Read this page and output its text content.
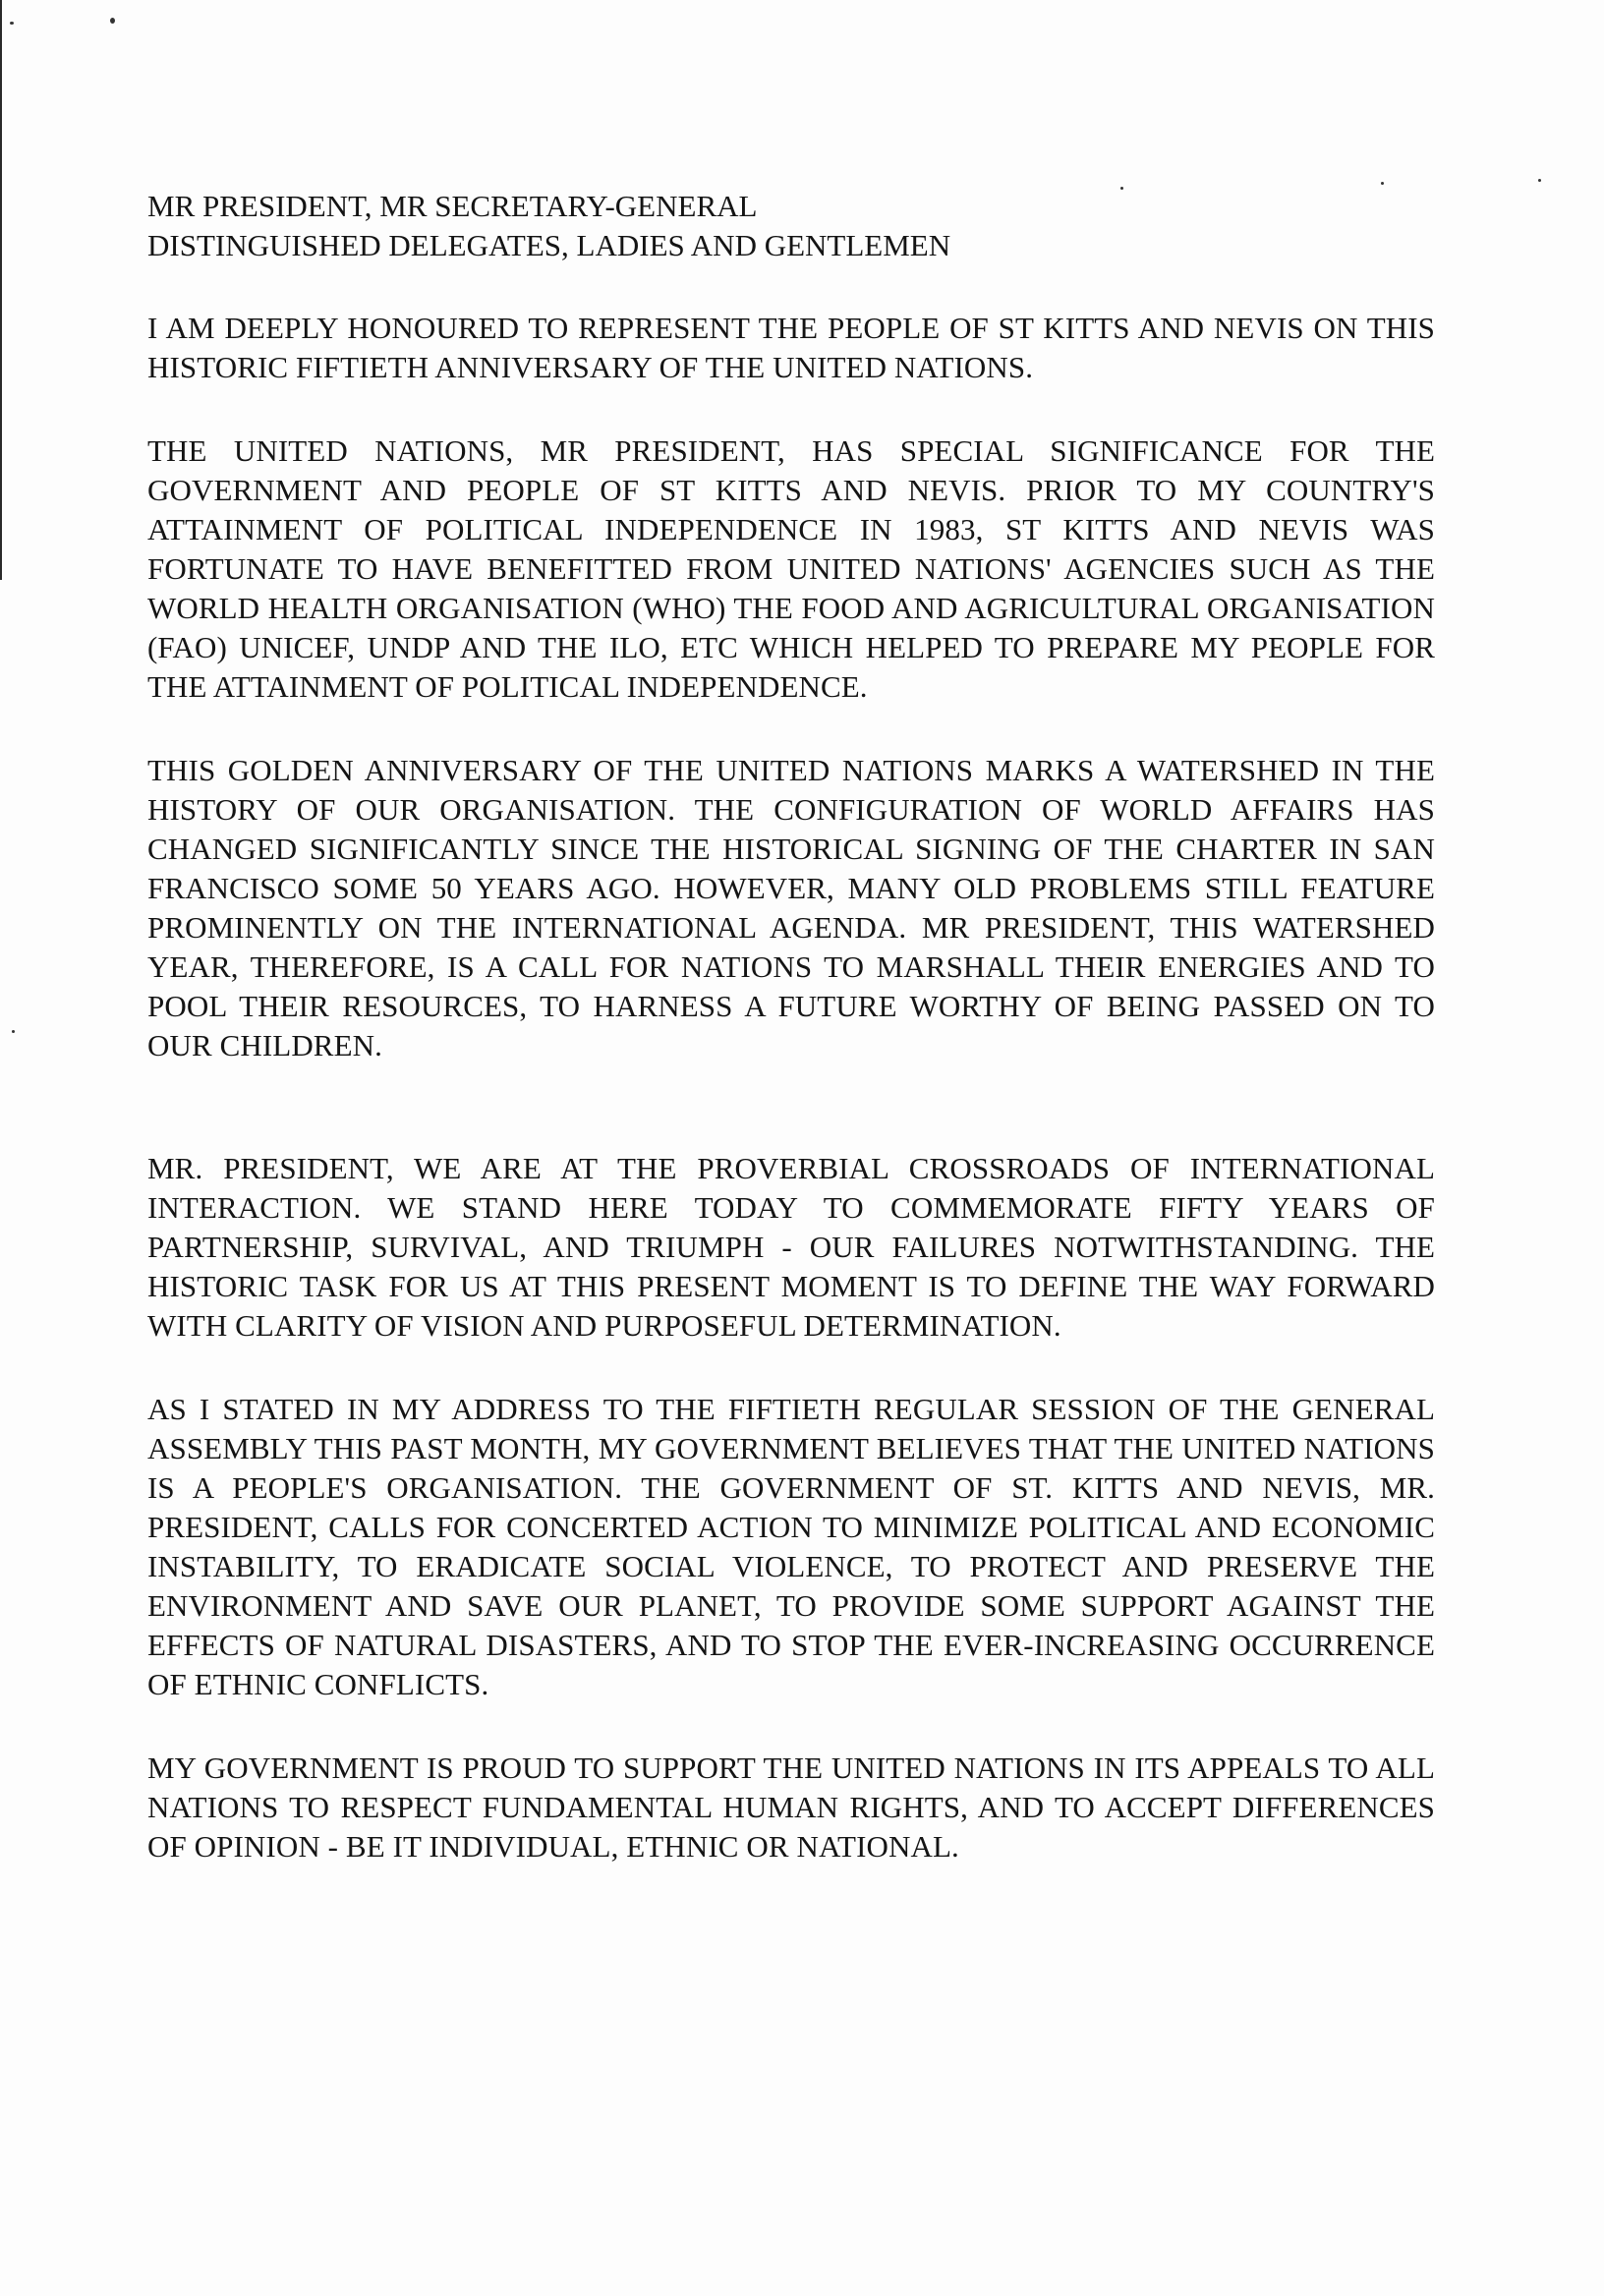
MR PRESIDENT, MR SECRETARY-GENERAL
DISTINGUISHED DELEGATES, LADIES AND GENTLEMEN

I AM DEEPLY HONOURED TO REPRESENT THE PEOPLE OF ST KITTS AND NEVIS ON THIS HISTORIC FIFTIETH ANNIVERSARY OF THE UNITED NATIONS.

THE UNITED NATIONS, MR PRESIDENT, HAS SPECIAL SIGNIFICANCE FOR THE GOVERNMENT AND PEOPLE OF ST KITTS AND NEVIS. PRIOR TO MY COUNTRY'S ATTAINMENT OF POLITICAL INDEPENDENCE IN 1983, ST KITTS AND NEVIS WAS FORTUNATE TO HAVE BENEFITTED FROM UNITED NATIONS' AGENCIES SUCH AS THE WORLD HEALTH ORGANISATION (WHO) THE FOOD AND AGRICULTURAL ORGANISATION (FAO) UNICEF, UNDP AND THE ILO, ETC WHICH HELPED TO PREPARE MY PEOPLE FOR THE ATTAINMENT OF POLITICAL INDEPENDENCE.

THIS GOLDEN ANNIVERSARY OF THE UNITED NATIONS MARKS A WATERSHED IN THE HISTORY OF OUR ORGANISATION. THE CONFIGURATION OF WORLD AFFAIRS HAS CHANGED SIGNIFICANTLY SINCE THE HISTORICAL SIGNING OF THE CHARTER IN SAN FRANCISCO SOME 50 YEARS AGO. HOWEVER, MANY OLD PROBLEMS STILL FEATURE PROMINENTLY ON THE INTERNATIONAL AGENDA. MR PRESIDENT, THIS WATERSHED YEAR, THEREFORE, IS A CALL FOR NATIONS TO MARSHALL THEIR ENERGIES AND TO POOL THEIR RESOURCES, TO HARNESS A FUTURE WORTHY OF BEING PASSED ON TO OUR CHILDREN.

MR. PRESIDENT, WE ARE AT THE PROVERBIAL CROSSROADS OF INTERNATIONAL INTERACTION. WE STAND HERE TODAY TO COMMEMORATE FIFTY YEARS OF PARTNERSHIP, SURVIVAL, AND TRIUMPH - OUR FAILURES NOTWITHSTANDING. THE HISTORIC TASK FOR US AT THIS PRESENT MOMENT IS TO DEFINE THE WAY FORWARD WITH CLARITY OF VISION AND PURPOSEFUL DETERMINATION.

AS I STATED IN MY ADDRESS TO THE FIFTIETH REGULAR SESSION OF THE GENERAL ASSEMBLY THIS PAST MONTH, MY GOVERNMENT BELIEVES THAT THE UNITED NATIONS IS A PEOPLE'S ORGANISATION. THE GOVERNMENT OF ST. KITTS AND NEVIS, MR. PRESIDENT, CALLS FOR CONCERTED ACTION TO MINIMIZE POLITICAL AND ECONOMIC INSTABILITY, TO ERADICATE SOCIAL VIOLENCE, TO PROTECT AND PRESERVE THE ENVIRONMENT AND SAVE OUR PLANET, TO PROVIDE SOME SUPPORT AGAINST THE EFFECTS OF NATURAL DISASTERS, AND TO STOP THE EVER-INCREASING OCCURRENCE OF ETHNIC CONFLICTS.

MY GOVERNMENT IS PROUD TO SUPPORT THE UNITED NATIONS IN ITS APPEALS TO ALL NATIONS TO RESPECT FUNDAMENTAL HUMAN RIGHTS, AND TO ACCEPT DIFFERENCES OF OPINION - BE IT INDIVIDUAL, ETHNIC OR NATIONAL.
